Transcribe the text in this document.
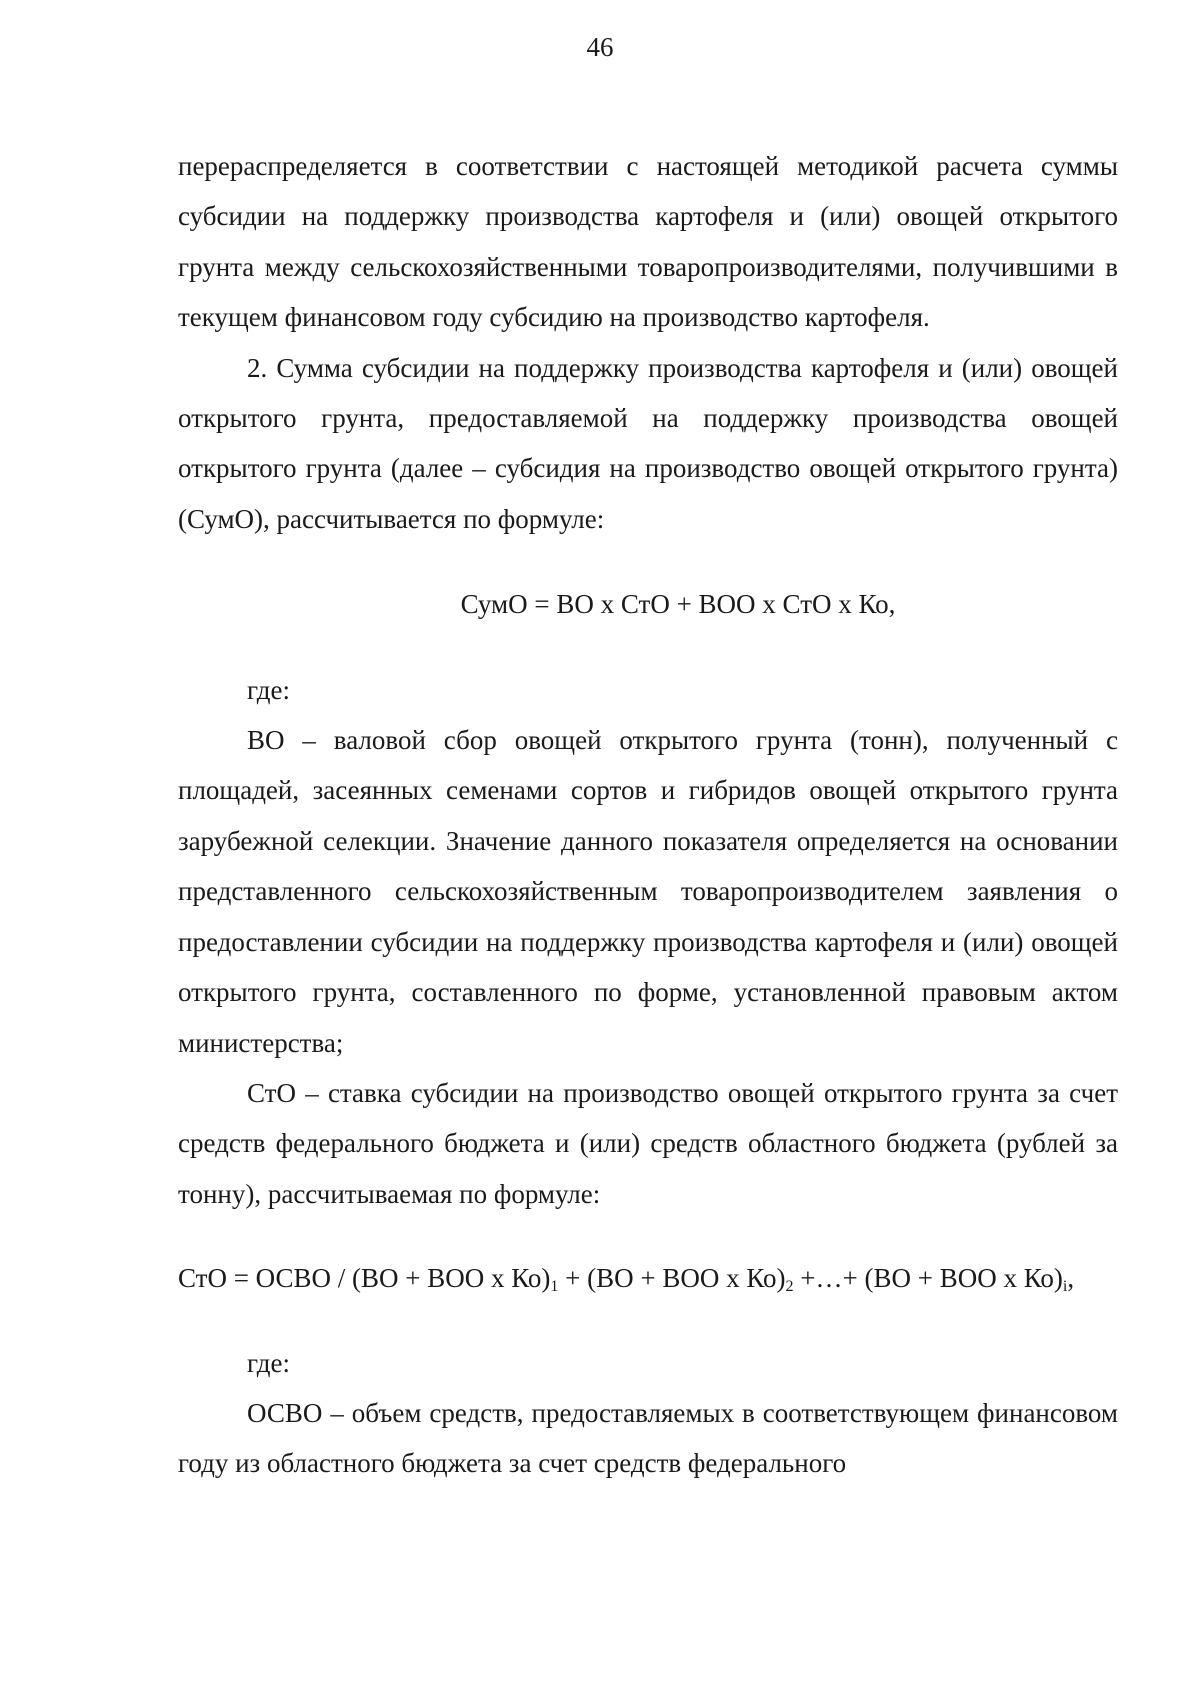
46

перераспределяется в соответствии с настоящей методикой расчета суммы субсидии на поддержку производства картофеля и (или) овощей открытого грунта между сельскохозяйственными товаропроизводителями, получившими в текущем финансовом году субсидию на производство картофеля.

2. Сумма субсидии на поддержку производства картофеля и (или) овощей открытого грунта, предоставляемой на поддержку производства овощей открытого грунта (далее – субсидия на производство овощей открытого грунта) (СумО), рассчитывается по формуле:

СумО = ВО х СтО + ВОО х СтО х Ко,

где:

ВО – валовой сбор овощей открытого грунта (тонн), полученный с площадей, засеянных семенами сортов и гибридов овощей открытого грунта зарубежной селекции. Значение данного показателя определяется на основании представленного сельскохозяйственным товаропроизводителем заявления о предоставлении субсидии на поддержку производства картофеля и (или) овощей открытого грунта, составленного по форме, установленной правовым актом министерства;

СтО – ставка субсидии на производство овощей открытого грунта за счет средств федерального бюджета и (или) средств областного бюджета (рублей за тонну), рассчитываемая по формуле:

СтО = ОСВО / (ВО + ВОО х $Ко)_1 + (ВО$ + ВОО х $Ко)_2$ +…+ (ВО + ВОО х $Ко)_i$,

где:

ОСВО – объем средств, предоставляемых в соответствующем финансовом году из областного бюджета за счет средств федерального
